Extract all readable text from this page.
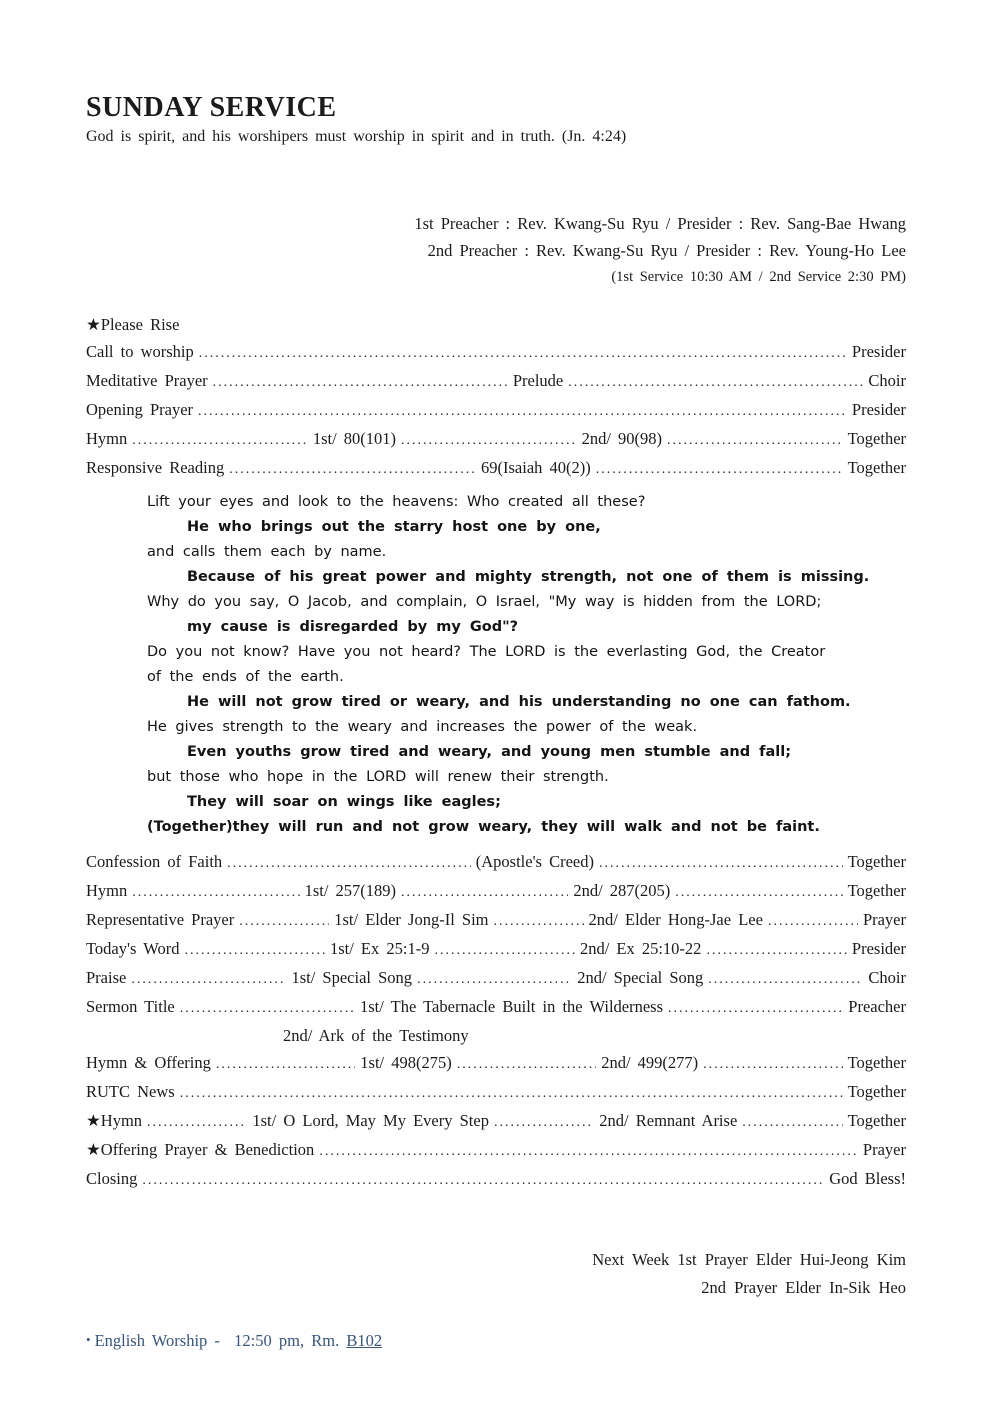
SUNDAY SERVICE
God is spirit, and his worshipers must worship in spirit and in truth. (Jn. 4:24)
1st Preacher : Rev. Kwang-Su Ryu / Presider : Rev. Sang-Bae Hwang
2nd Preacher : Rev. Kwang-Su Ryu / Presider : Rev. Young-Ho Lee
(1st Service 10:30 AM / 2nd Service 2:30 PM)
★Please Rise
Call to worship .....	Presider
Meditative Prayer .....	Prelude .....	Choir
Opening Prayer .....	Presider
Hymn .....	1st/ 80(101) .....	2nd/ 90(98) .....	Together
Responsive Reading .....	69(Isaiah 40(2)) .....	Together
Lift your eyes and look to the heavens: Who created all these?
He who brings out the starry host one by one,
and calls them each by name.
Because of his great power and mighty strength, not one of them is missing.
Why do you say, O Jacob, and complain, O Israel, "My way is hidden from the LORD;
my cause is disregarded by my God"?
Do you not know? Have you not heard? The LORD is the everlasting God, the Creator
of the ends of the earth.
He will not grow tired or weary, and his understanding no one can fathom.
He gives strength to the weary and increases the power of the weak.
Even youths grow tired and weary, and young men stumble and fall;
but those who hope in the LORD will renew their strength.
They will soar on wings like eagles;
(Together)they will run and not grow weary, they will walk and not be faint.
Confession of Faith .....	(Apostle's Creed) .....	Together
Hymn .....	1st/ 257(189) .....	2nd/ 287(205) .....	Together
Representative Prayer .....	1st/ Elder Jong-Il Sim .....	2nd/ Elder Hong-Jae Lee .....	Prayer
Today's Word .....	1st/ Ex 25:1-9 .....	2nd/ Ex 25:10-22 .....	Presider
Praise .....	1st/ Special Song .....	2nd/ Special Song .....	Choir
Sermon Title .....	1st/ The Tabernacle Built in the Wilderness .....	Preacher
2nd/ Ark of the Testimony
Hymn & Offering .....	1st/ 498(275) .....	2nd/ 499(277) .....	Together
RUTC News .....	Together
★Hymn .....	1st/ O Lord, May My Every Step .....	2nd/ Remnant Arise .....	Together
★Offering Prayer & Benediction .....	Prayer
Closing .....	God Bless!
Next Week 1st Prayer Elder Hui-Jeong Kim
2nd Prayer Elder In-Sik Heo
• English Worship -  12:50 pm, Rm. B102
